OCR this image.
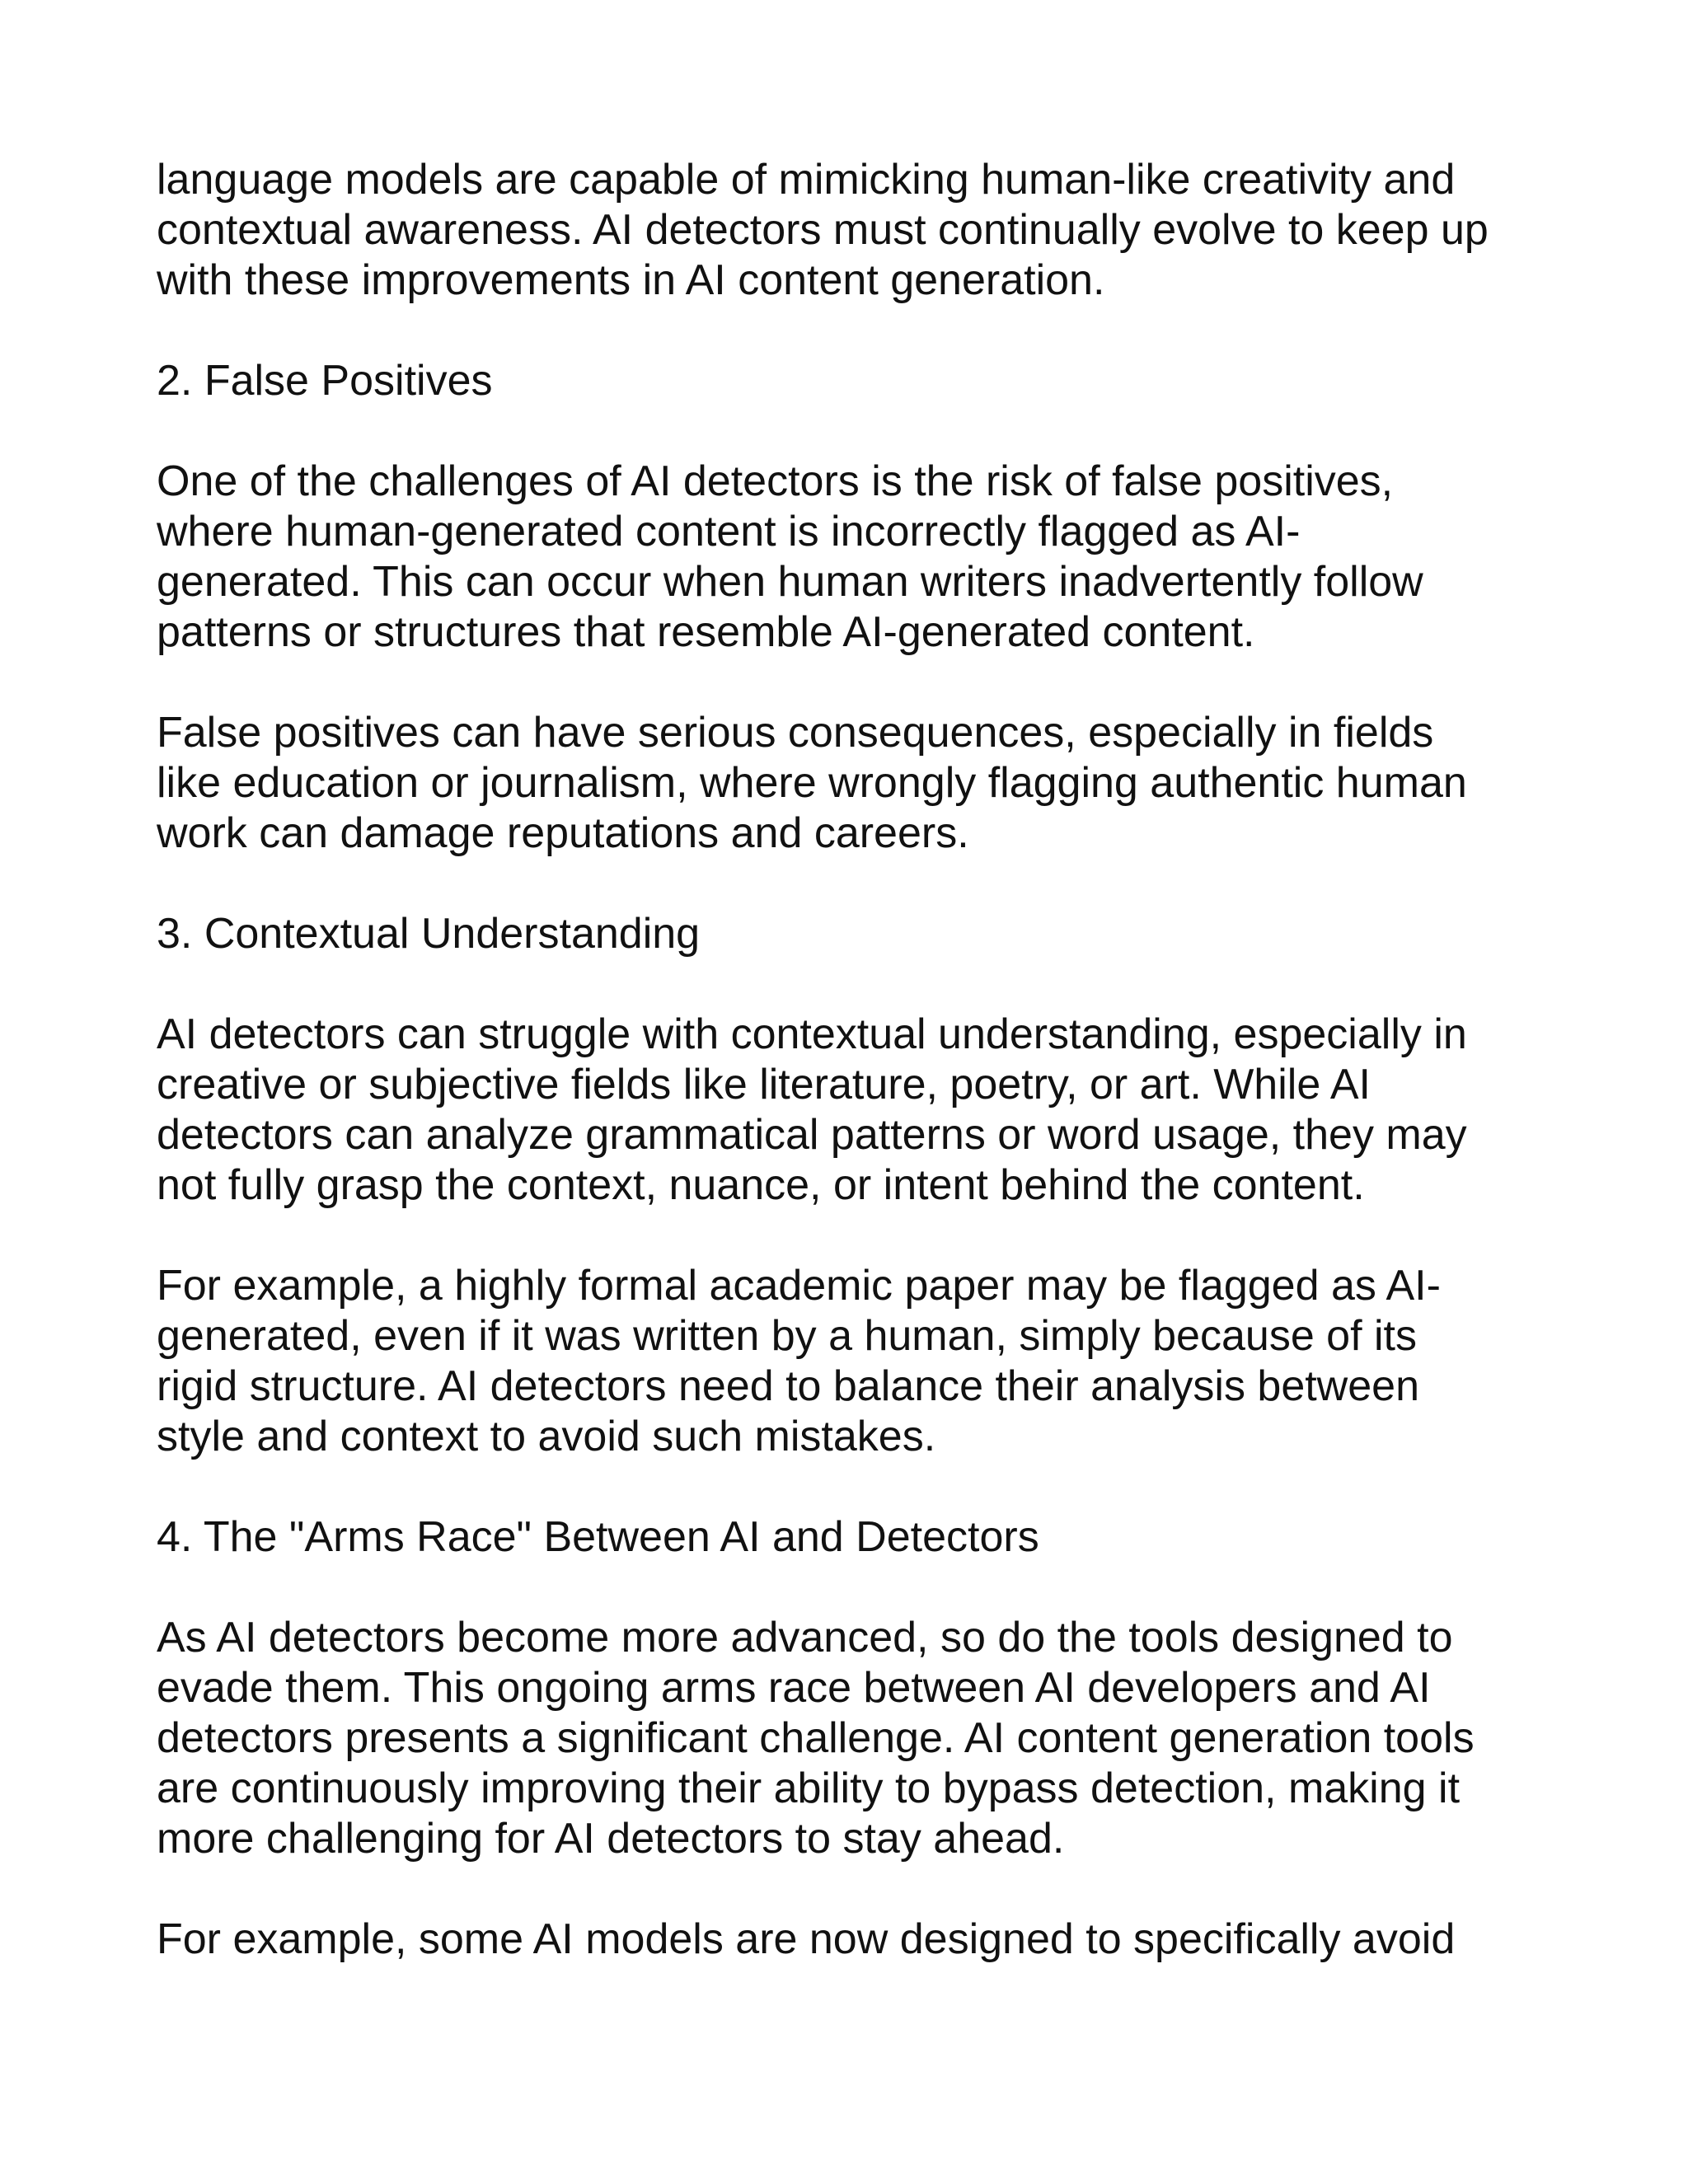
language models are capable of mimicking human-like creativity and
contextual awareness. AI detectors must continually evolve to keep up
with these improvements in AI content generation.
2. False Positives
One of the challenges of AI detectors is the risk of false positives,
where human-generated content is incorrectly flagged as AI-
generated. This can occur when human writers inadvertently follow
patterns or structures that resemble AI-generated content.
False positives can have serious consequences, especially in fields
like education or journalism, where wrongly flagging authentic human
work can damage reputations and careers.
3. Contextual Understanding
AI detectors can struggle with contextual understanding, especially in
creative or subjective fields like literature, poetry, or art. While AI
detectors can analyze grammatical patterns or word usage, they may
not fully grasp the context, nuance, or intent behind the content.
For example, a highly formal academic paper may be flagged as AI-
generated, even if it was written by a human, simply because of its
rigid structure. AI detectors need to balance their analysis between
style and context to avoid such mistakes.
4. The "Arms Race" Between AI and Detectors
As AI detectors become more advanced, so do the tools designed to
evade them. This ongoing arms race between AI developers and AI
detectors presents a significant challenge. AI content generation tools
are continuously improving their ability to bypass detection, making it
more challenging for AI detectors to stay ahead.
For example, some AI models are now designed to specifically avoid
